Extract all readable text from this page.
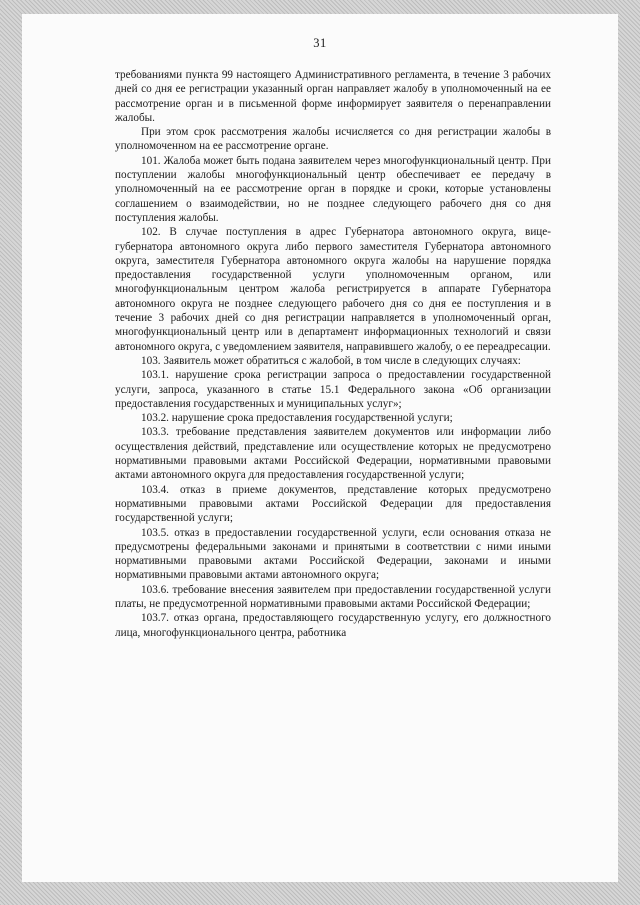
31

требованиями пункта 99 настоящего Административного регламента, в течение 3 рабочих дней со дня ее регистрации указанный орган направляет жалобу в уполномоченный на ее рассмотрение орган и в письменной форме информирует заявителя о перенаправлении жалобы.

При этом срок рассмотрения жалобы исчисляется со дня регистрации жалобы в уполномоченном на ее рассмотрение органе.

101. Жалоба может быть подана заявителем через многофункциональный центр. При поступлении жалобы многофункциональный центр обеспечивает ее передачу в уполномоченный на ее рассмотрение орган в порядке и сроки, которые установлены соглашением о взаимодействии, но не позднее следующего рабочего дня со дня поступления жалобы.

102. В случае поступления в адрес Губернатора автономного округа, вице-губернатора автономного округа либо первого заместителя Губернатора автономного округа, заместителя Губернатора автономного округа жалобы на нарушение порядка предоставления государственной услуги уполномоченным органом, или многофункциональным центром жалоба регистрируется в аппарате Губернатора автономного округа не позднее следующего рабочего дня со дня ее поступления и в течение 3 рабочих дней со дня регистрации направляется в уполномоченный орган, многофункциональный центр или в департамент информационных технологий и связи автономного округа, с уведомлением заявителя, направившего жалобу, о ее переадресации.

103. Заявитель может обратиться с жалобой, в том числе в следующих случаях:

103.1. нарушение срока регистрации запроса о предоставлении государственной услуги, запроса, указанного в статье 15.1 Федерального закона «Об организации предоставления государственных и муниципальных услуг»;

103.2. нарушение срока предоставления государственной услуги;

103.3. требование представления заявителем документов или информации либо осуществления действий, представление или осуществление которых не предусмотрено нормативными правовыми актами Российской Федерации, нормативными правовыми актами автономного округа для предоставления государственной услуги;

103.4. отказ в приеме документов, представление которых предусмотрено нормативными правовыми актами Российской Федерации для предоставления государственной услуги;

103.5. отказ в предоставлении государственной услуги, если основания отказа не предусмотрены федеральными законами и принятыми в соответствии с ними иными нормативными правовыми актами Российской Федерации, законами и иными нормативными правовыми актами автономного округа;

103.6. требование внесения заявителем при предоставлении государственной услуги платы, не предусмотренной нормативными правовыми актами Российской Федерации;

103.7. отказ органа, предоставляющего государственную услугу, его должностного лица, многофункционального центра, работника
